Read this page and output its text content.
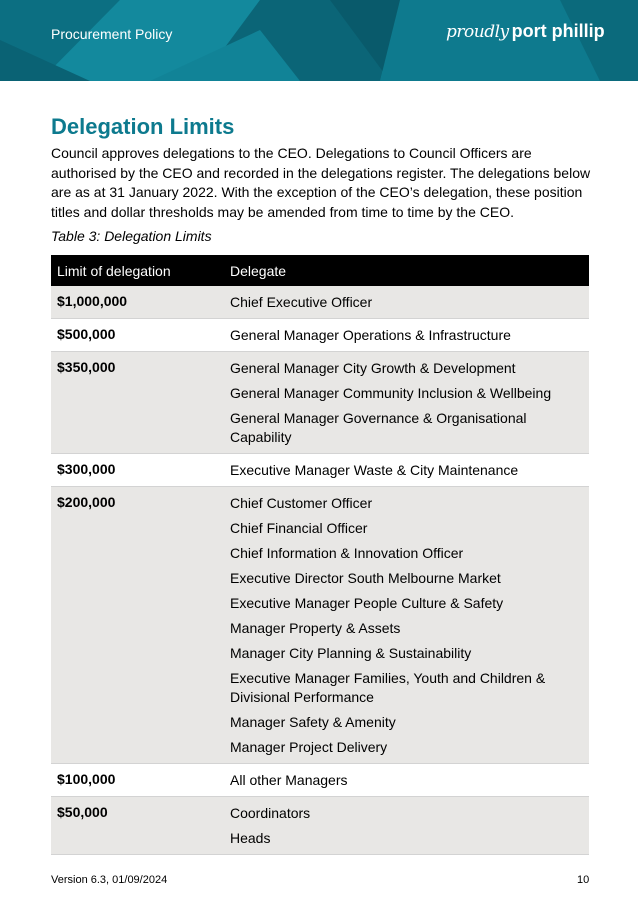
Procurement Policy	proudly port phillip
Delegation Limits
Council approves delegations to the CEO. Delegations to Council Officers are authorised by the CEO and recorded in the delegations register. The delegations below are as at 31 January 2022. With the exception of the CEO’s delegation, these position titles and dollar thresholds may be amended from time to time by the CEO.
Table 3: Delegation Limits
Limit of delegation	Delegate
$1,000,000	Chief Executive Officer
$500,000	General Manager Operations & Infrastructure
$350,000	General Manager City Growth & Development
General Manager Community Inclusion & Wellbeing
General Manager Governance & Organisational Capability
$300,000	Executive Manager Waste & City Maintenance
$200,000	Chief Customer Officer
Chief Financial Officer
Chief Information & Innovation Officer
Executive Director South Melbourne Market
Executive Manager People Culture & Safety
Manager Property & Assets
Manager City Planning & Sustainability
Executive Manager Families, Youth and Children & Divisional Performance
Manager Safety & Amenity
Manager Project Delivery
$100,000	All other Managers
$50,000	Coordinators
Heads
Version 6.3, 01/09/2024	10
